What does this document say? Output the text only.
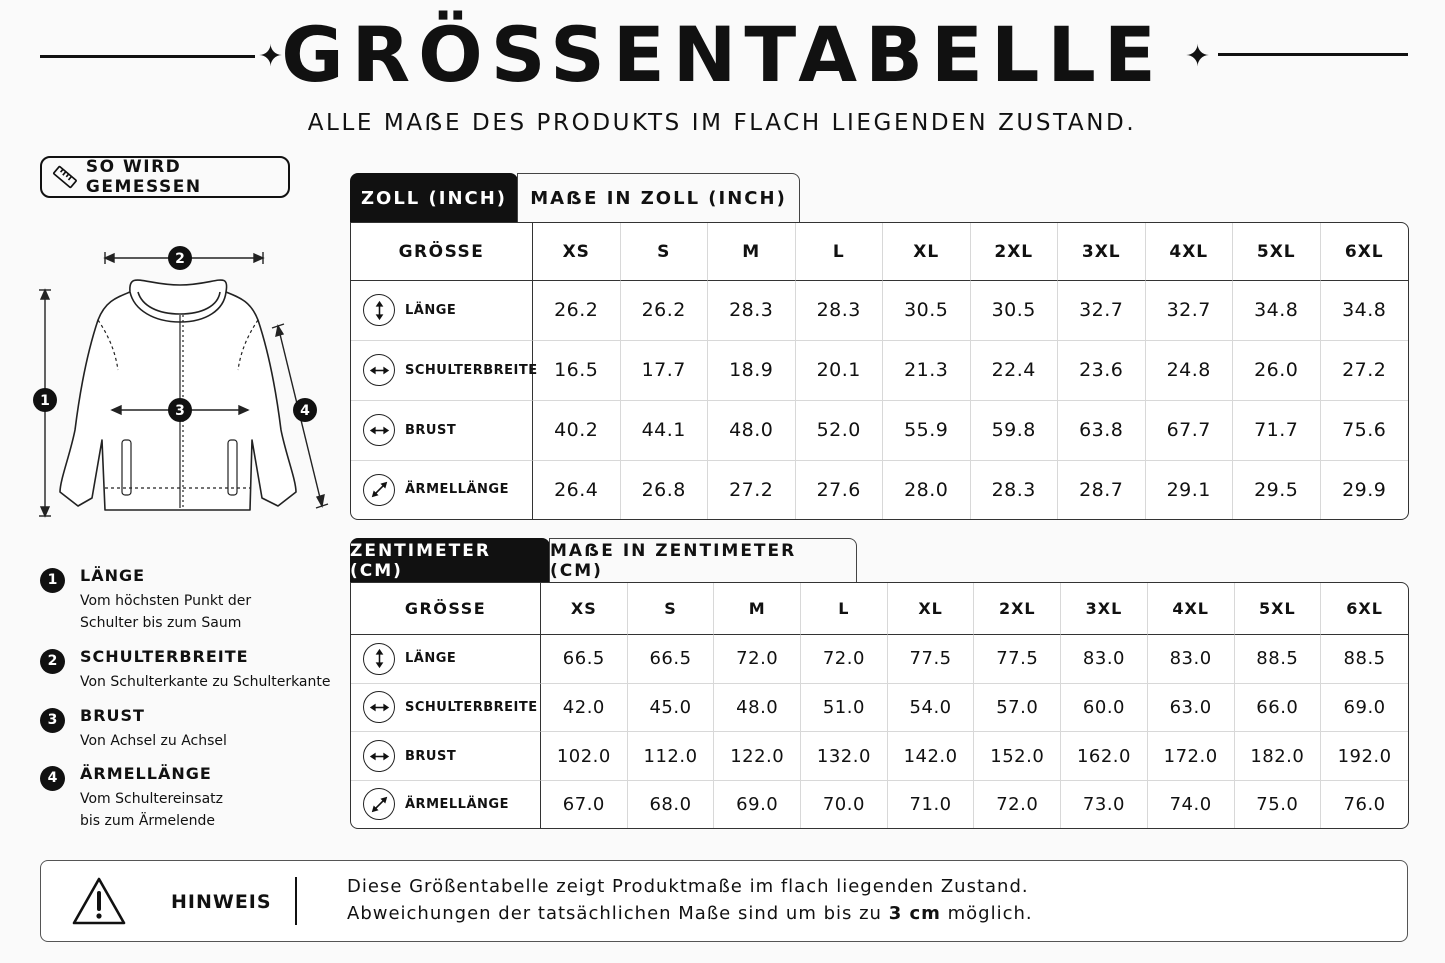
✦
GRÖSSENTABELLE ✦
ALLE MAẞE DES PRODUKTS IM FLACH LIEGENDEN ZUSTAND.
SO WIRD GEMESSEN
2
1
3	4
1	LÄNGE
Vom höchsten Punkt der Schulter bis zum Saum
2	SCHULTERBREITE
Von Schulterkante zu Schulterkante
3	BRUST
Von Achsel zu Achsel
4	ÄRMELLÄNGE
Vom Schultereinsatz bis zum Ärmelende
ZOLL (INCH)	MAẞE IN ZOLL (INCH)
GRÖSSE	XS	S	M	L	XL	2XL	3XL	4XL	5XL	6XL

LÄNGE	26.2	26.2	28.3	28.3	30.5	30.5	32.7	32.7	34.8	34.8

SCHULTERBREITE	16.5	17.7	18.9	20.1	21.3	22.4	23.6	24.8	26.0	27.2

BRUST	40.2	44.1	48.0	52.0	55.9	59.8	63.8	67.7	71.7	75.6

ÄRMELLÄNGE	26.4	26.8	27.2	27.6	28.0	28.3	28.7	29.1	29.5	29.9
ZENTIMETER (CM)
MAẞE IN ZENTIMETER (CM)
GRÖSSE	XS	S	M	L	XL	2XL	3XL	4XL	5XL	6XL

LÄNGE	66.5	66.5	72.0	72.0	77.5	77.5	83.0	83.0	88.5	88.5

SCHULTERBREITE	42.0	45.0	48.0	51.0	54.0	57.0	60.0	63.0	66.0	69.0

BRUST	102.0	112.0	122.0	132.0	142.0	152.0	162.0	172.0	182.0	192.0

ÄRMELLÄNGE	67.0	68.0	69.0	70.0	71.0	72.0	73.0	74.0	75.0	76.0
HINWEIS
Diese Größentabelle zeigt Produktmaße im flach liegenden Zustand.
Abweichungen der tatsächlichen Maße sind um bis zu 3 cm möglich.
